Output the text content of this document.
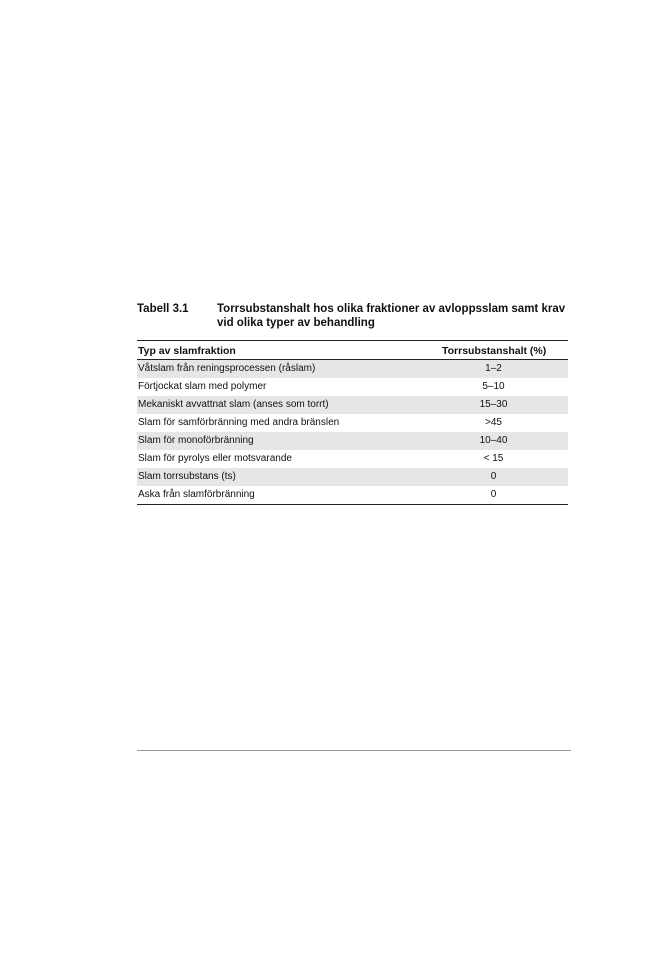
Tabell 3.1 Torrsubstanshalt hos olika fraktioner av avloppsslam samt krav vid olika typer av behandling
Typ av slamfraktion	Torrsubstanshalt (%)
Våtslam från reningsprocessen (råslam)	1–2
Förtjockat slam med polymer	5–10
Mekaniskt avvattnat slam (anses som torrt)	15–30
Slam för samförbränning med andra bränslen	>45
Slam för monoförbränning	10–40
Slam för pyrolys eller motsvarande	< 15
Slam torrsubstans (ts)	0
Aska från slamförbränning	0
